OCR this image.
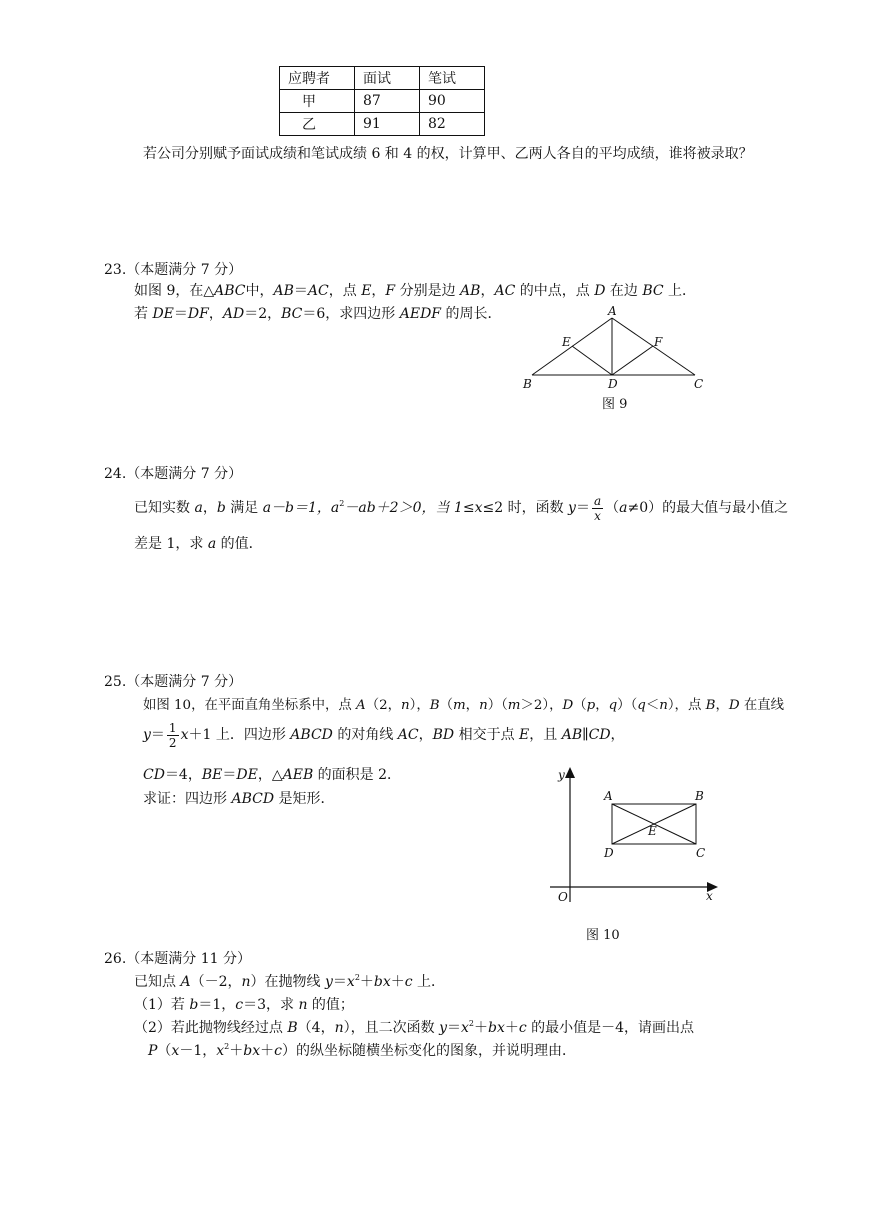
应聘者	面试	笔试
甲	87	90
乙	91	82
若公司分别赋予面试成绩和笔试成绩 6 和 4 的权，计算甲、乙两人各自的平均成绩，谁将被录取？
23.（本题满分 7 分）
如图 9，在△ABC中，AB＝AC，点 E，F 分别是边 AB，AC 的中点，点 D 在边 BC 上．
若 DE＝DF，AD＝2，BC＝6，求四边形 AEDF 的周长．	A
E	F
B	D	C
图 9
24.（本题满分 7 分）
已知实数 a，b 满足 a－b＝1，$a^2-ab+2>0$，当 1≤x≤2 时，函数 $y= \frac{a}{x} (a\ne 0)$的最大值与最小值之
差是 1，求 a 的值．
25.（本题满分 7 分）
如图 10，在平面直角坐标系中，点 A（2，n），B（m，n）（m＞2），D（p，q）（q＜n），点 B，D 在直线
$y= \frac{1}{2} x+1$ 上．四边形 ABCD 的对角线 AC，BD 相交于点 E，且 AB∥CD，
CD＝4，BE＝DE，△AEB 的面积是 2．
求证：四边形 ABCD 是矩形．
y
x
O
A	B
D	C
E
图 10
26.（本题满分 11 分）
已知点 A（－2，n）在抛物线 $y=x^2+bx+c$ 上．
（1）若 b＝1，c＝3，求 n 的值；
（2）若此抛物线经过点 B（4，n），且二次函数 $y=x^2+bx+c$ 的最小值是－4，请画出点
P（x－1，$x^2+bx+c$）的纵坐标随横坐标变化的图象，并说明理由．
